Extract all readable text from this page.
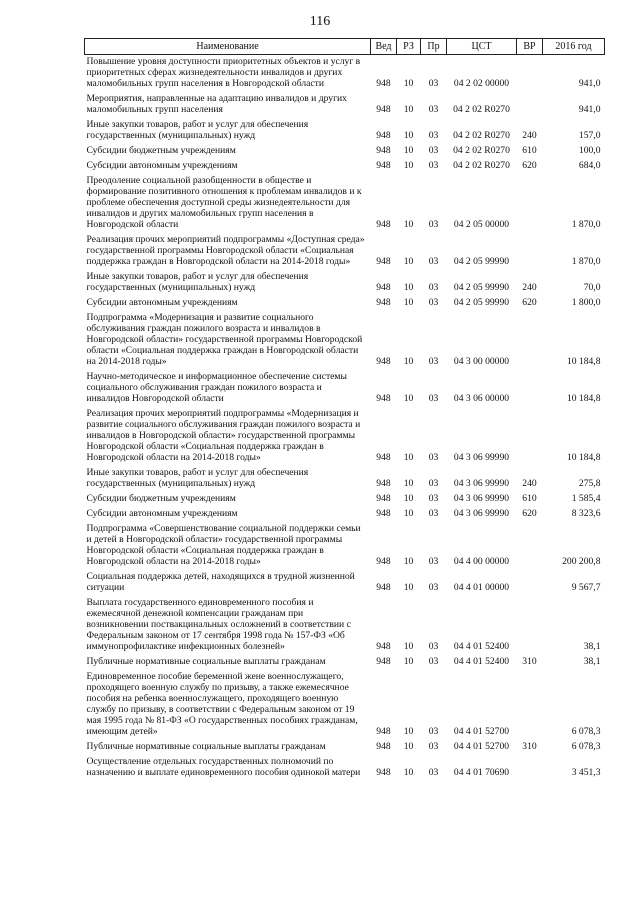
116
Наименование	Вед	РЗ	Пр	ЦСТ	ВР	2016 год
Повышение уровня доступности приоритетных объектов и услуг в приоритетных сферах жизнедеятельности инвалидов и других маломобильных групп населения в Новгородской области	948	10	03	04 2 02 00000		941,0
Мероприятия, направленные на адаптацию инвалидов и других маломобильных групп населения	948	10	03	04 2 02 R0270		941,0
Иные закупки товаров, работ и услуг для обеспечения государственных (муниципальных) нужд	948	10	03	04 2 02 R0270	240	157,0
Субсидии бюджетным учреждениям	948	10	03	04 2 02 R0270	610	100,0
Субсидии автономным учреждениям	948	10	03	04 2 02 R0270	620	684,0
Преодоление социальной разобщенности в обществе и формирование позитивного отношения к проблемам инвалидов и к проблеме обеспечения доступной среды жизнедеятельности для инвалидов и других маломобильных групп населения в Новгородской области	948	10	03	04 2 05 00000		1 870,0
Реализация прочих мероприятий подпрограммы «Доступная среда» государственной программы Новгородской области «Социальная поддержка граждан в Новгородской области на 2014-2018 годы»	948	10	03	04 2 05 99990		1 870,0
Иные закупки товаров, работ и услуг для обеспечения государственных (муниципальных) нужд	948	10	03	04 2 05 99990	240	70,0
Субсидии автономным учреждениям	948	10	03	04 2 05 99990	620	1 800,0
Подпрограмма «Модернизация и развитие социального обслуживания граждан пожилого возраста и инвалидов в Новгородской области» государственной программы Новгородской области «Социальная поддержка граждан в Новгородской области на 2014-2018 годы»	948	10	03	04 3 00 00000		10 184,8
Научно-методическое и информационное обеспечение системы социального обслуживания граждан пожилого возраста и инвалидов Новгородской области	948	10	03	04 3 06 00000		10 184,8
Реализация прочих мероприятий подпрограммы «Модернизация и развитие социального обслуживания граждан пожилого возраста и инвалидов в Новгородской области» государственной программы Новгородской области «Социальная поддержка граждан в Новгородской области на 2014-2018 годы»	948	10	03	04 3 06 99990		10 184,8
Иные закупки товаров, работ и услуг для обеспечения государственных (муниципальных) нужд	948	10	03	04 3 06 99990	240	275,8
Субсидии бюджетным учреждениям	948	10	03	04 3 06 99990	610	1 585,4
Субсидии автономным учреждениям	948	10	03	04 3 06 99990	620	8 323,6
Подпрограмма «Совершенствование социальной поддержки семьи и детей в Новгородской области» государственной программы Новгородской области «Социальная поддержка граждан в Новгородской области на 2014-2018 годы»	948	10	03	04 4 00 00000		200 200,8
Социальная поддержка детей, находящихся в трудной жизненной ситуации	948	10	03	04 4 01 00000		9 567,7
Выплата государственного единовременного пособия и ежемесячной денежной компенсации гражданам при возникновении поствакцинальных осложнений в соответствии с Федеральным законом от 17 сентября 1998 года № 157-ФЗ «Об иммунопрофилактике инфекционных болезней»	948	10	03	04 4 01 52400		38,1
Публичные нормативные социальные выплаты гражданам	948	10	03	04 4 01 52400	310	38,1
Единовременное пособие беременной жене военнослужащего, проходящего военную службу по призыву, а также ежемесячное пособия на ребенка военнослужащего, проходящего военную службу по призыву, в соответствии с Федеральным законом от 19 мая 1995 года № 81-ФЗ «О государственных пособиях гражданам, имеющим детей»	948	10	03	04 4 01 52700		6 078,3
Публичные нормативные социальные выплаты гражданам	948	10	03	04 4 01 52700	310	6 078,3
Осуществление отдельных государственных полномочий по назначению и выплате единовременного пособия одинокой матери	948	10	03	04 4 01 70690		3 451,3
